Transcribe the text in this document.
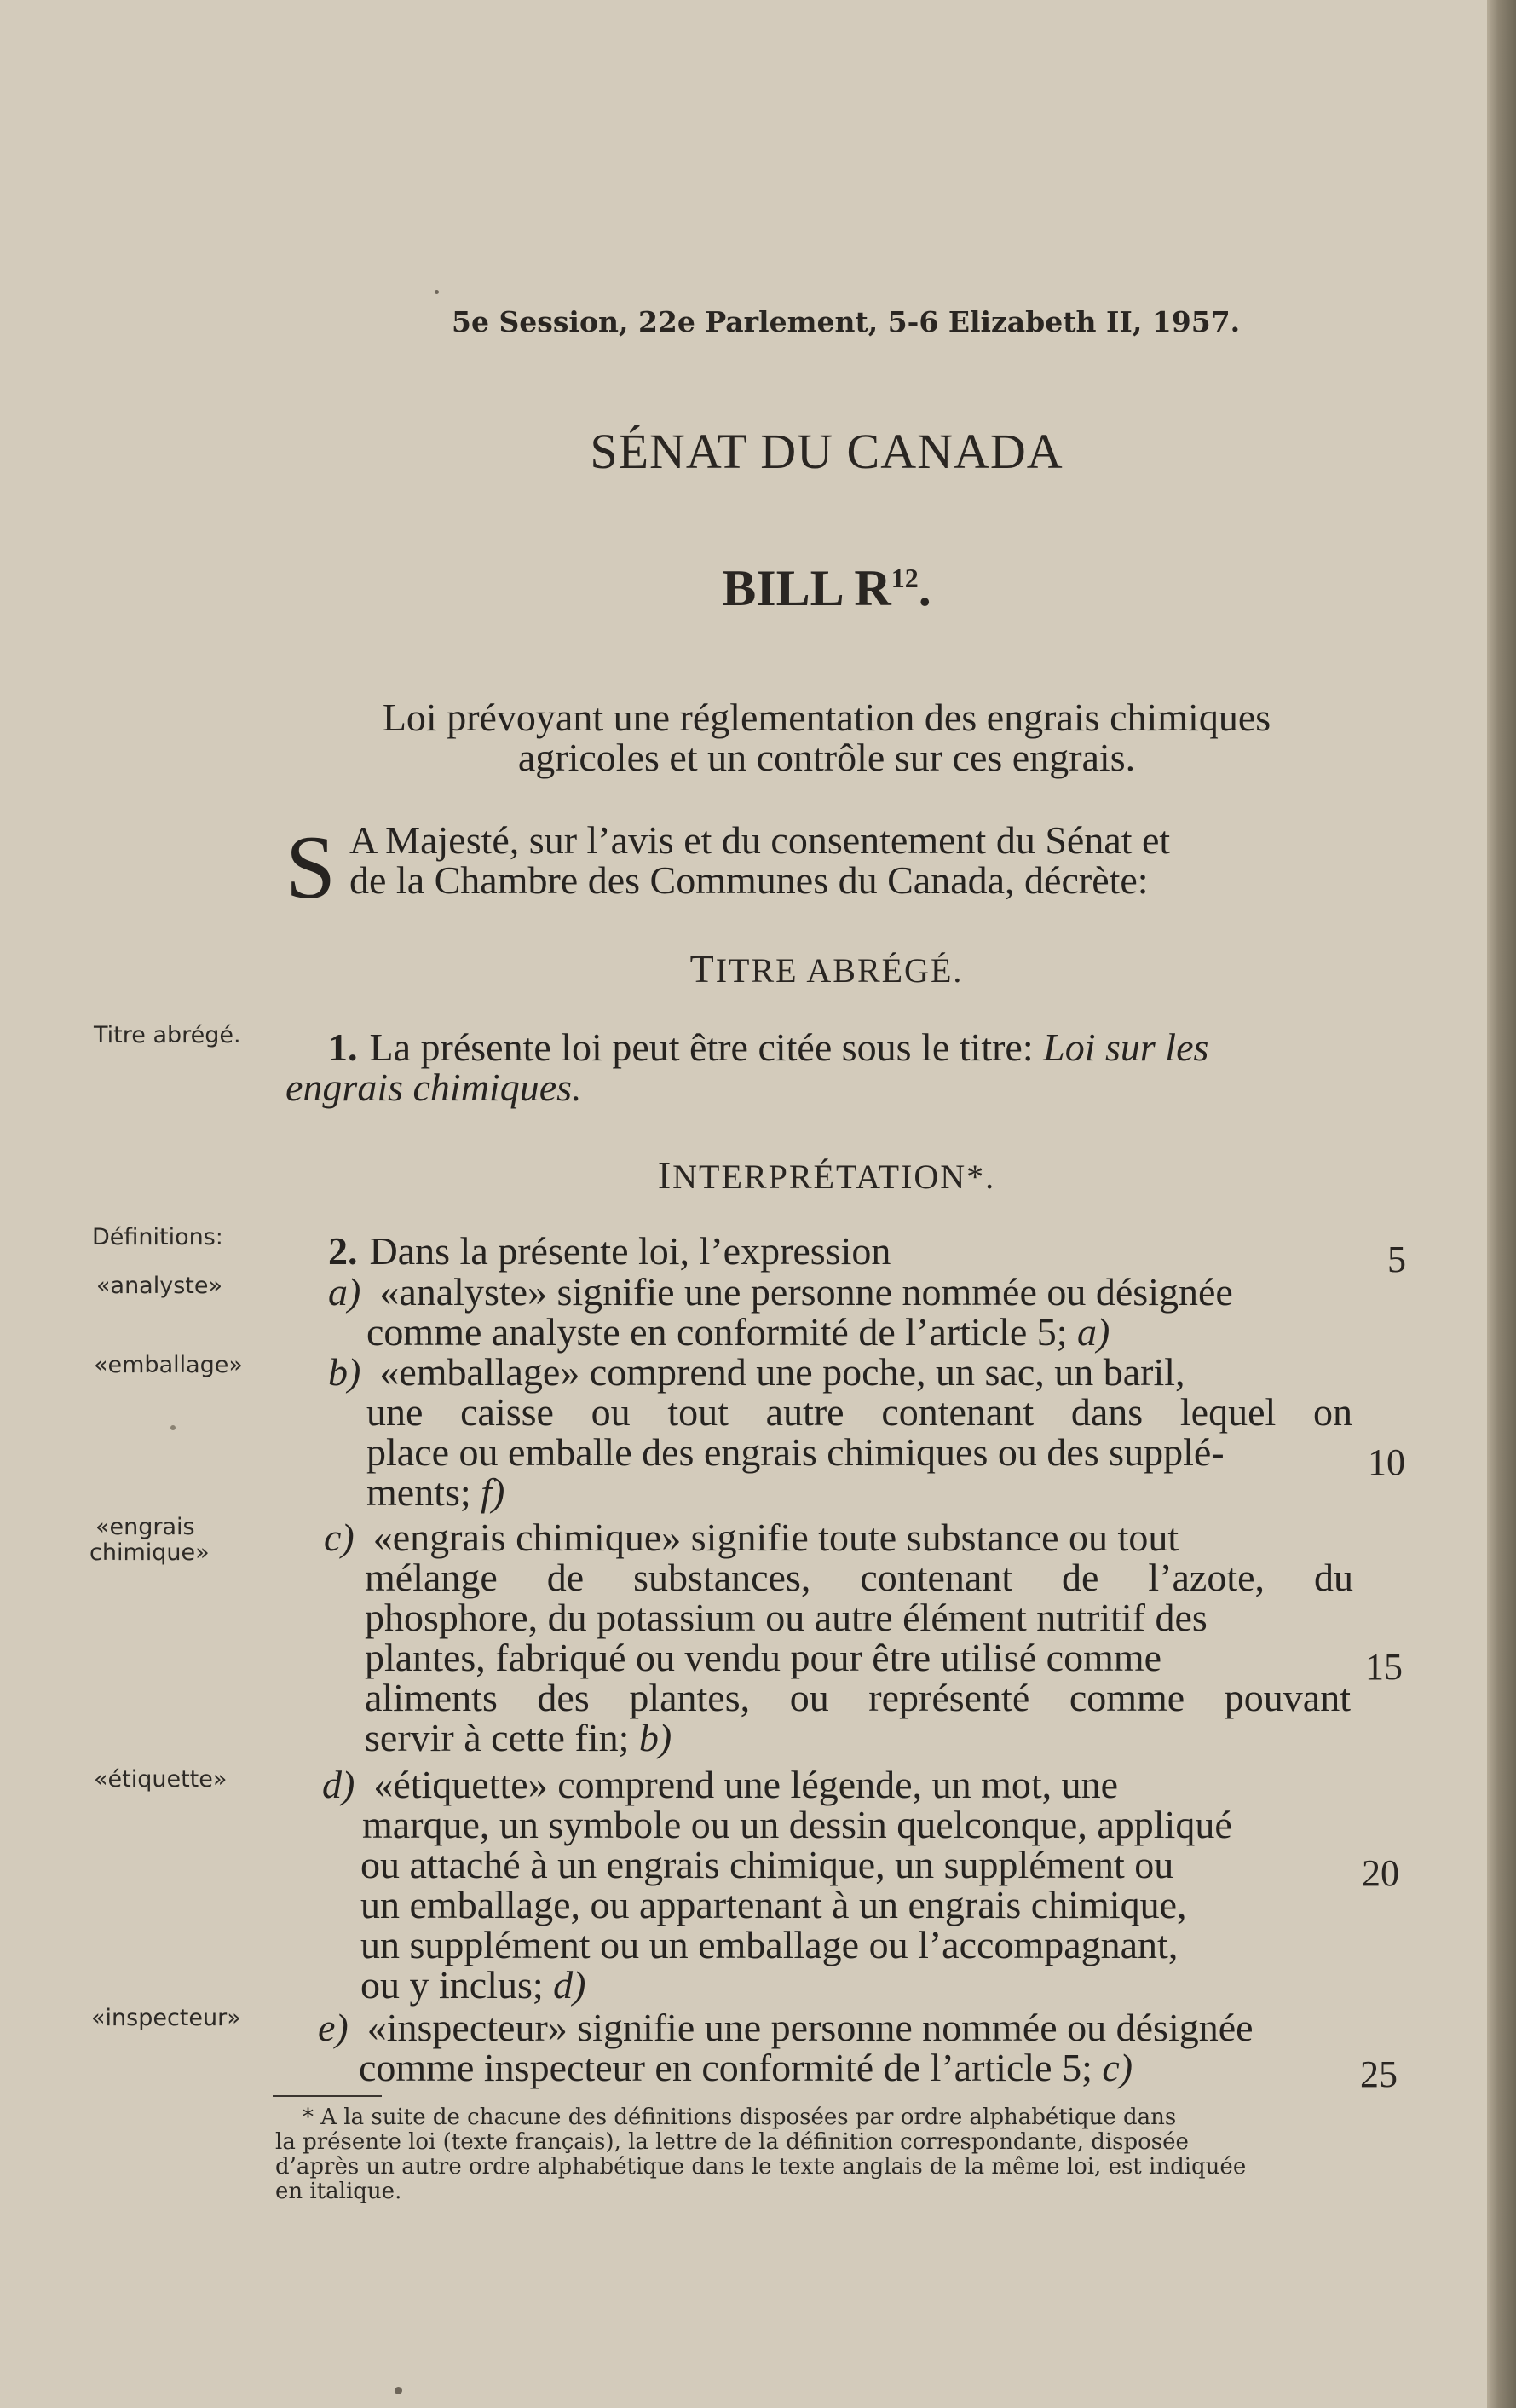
5e Session, 22e Parlement, 5-6 Elizabeth II, 1957.
SÉNAT DU CANADA
BILL $R^{12}$.
Loi prévoyant une réglementation des engrais chimiques
agricoles et un contrôle sur ces engrais.
S A Majesté, sur l’avis et du consentement du Sénat et
de la Chambre des Communes du Canada, décrète:
TITRE ABRÉGÉ.
Titre abrégé. 1. La présente loi peut être citée sous le titre: Loi sur les
engrais chimiques.
INTERPRÉTATION*.
Définitions:
«analyste»
«emballage»
«engrais
chimique»
«étiquette»
«inspecteur»
2. Dans la présente loi, l’expression
a) «analyste» signifie une personne nommée ou désignée
comme analyste en conformité de l’article 5; a)
b) «emballage» comprend une poche, un sac, un baril,
une caisse ou tout autre contenant dans lequel on
place ou emballe des engrais chimiques ou des supplé-
ments; f)
c) «engrais chimique» signifie toute substance ou tout
mélange de substances, contenant de l’azote, du
phosphore, du potassium ou autre élément nutritif des
plantes, fabriqué ou vendu pour être utilisé comme
aliments des plantes, ou représenté comme pouvant
servir à cette fin; b)
d) «étiquette» comprend une légende, un mot, une
marque, un symbole ou un dessin quelconque, appliqué
ou attaché à un engrais chimique, un supplément ou
un emballage, ou appartenant à un engrais chimique,
un supplément ou un emballage ou l’accompagnant,
ou y inclus; d)
e) «inspecteur» signifie une personne nommée ou désignée
comme inspecteur en conformité de l’article 5; c)
5
10
15
20
25
* A la suite de chacune des définitions disposées par ordre alphabétique dans
la présente loi (texte français), la lettre de la définition correspondante, disposée
d’après un autre ordre alphabétique dans le texte anglais de la même loi, est indiquée
en italique.
